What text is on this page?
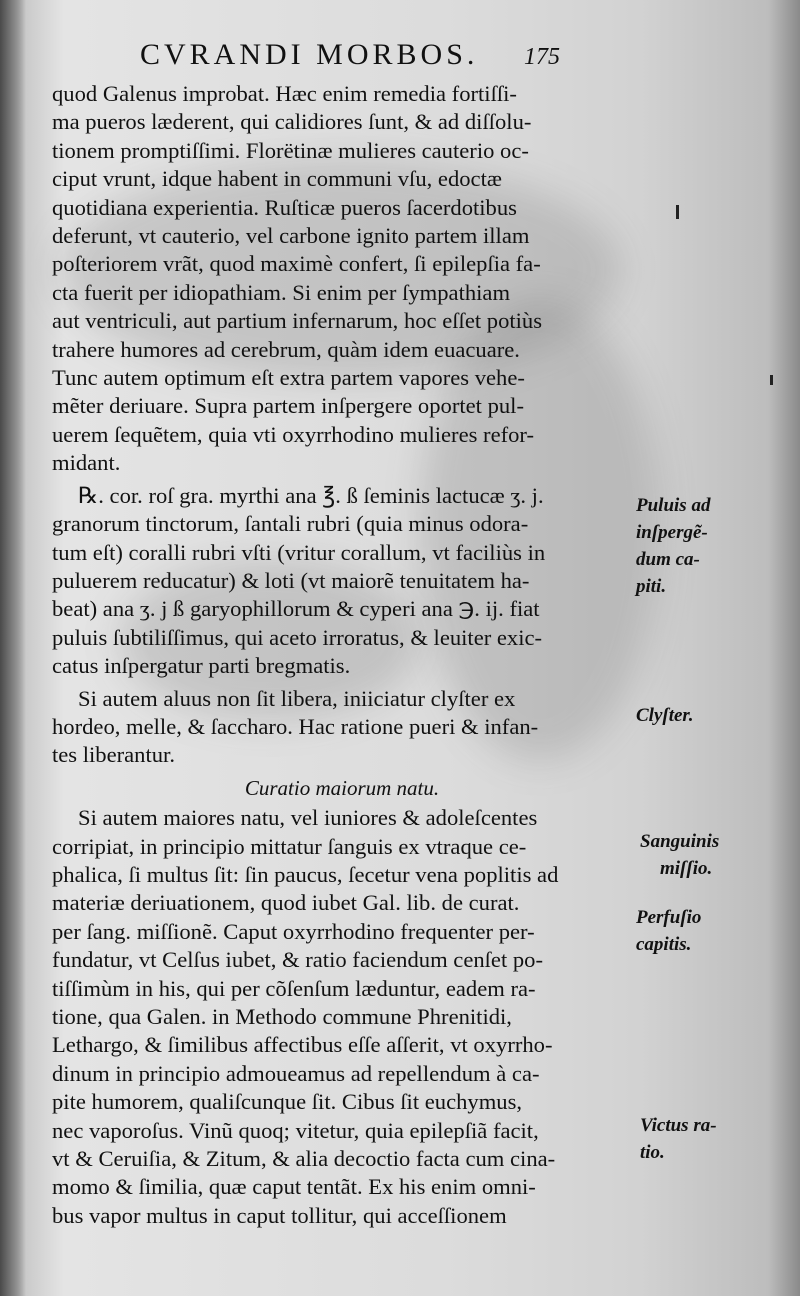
CVRANDI MORBOS. 175
quod Galenus improbat. Hæc enim remedia fortiſſi-
ma pueros læderent, qui calidiores ſunt, & ad diſſolu-
tionem promptiſſimi. Florëtinæ mulieres cauterio oc-
ciput vrunt, idque habent in communi vſu, edoctæ
quotidiana experientia. Ruſticæ pueros ſacerdotibus
deferunt, vt cauterio, vel carbone ignito partem illam
poſteriorem vrãt, quod maximè confert, ſi epilepſia fa-
cta fuerit per idiopathiam. Si enim per ſympathiam
aut ventriculi, aut partium infernarum, hoc eſſet potiùs
trahere humores ad cerebrum, quàm idem euacuare.
Tunc autem optimum eſt extra partem vapores vehe-
mẽter deriuare. Supra partem inſpergere oportet pul-
uerem ſequẽtem, quia vti oxyrrhodino mulieres refor-
midant.
℞. cor. roſ gra. myrthi ana ℥. ß ſeminis lactucæ ʒ. j.
granorum tinctorum, ſantali rubri (quia minus odora-
tum eſt) coralli rubri vſti (vritur corallum, vt faciliùs in
puluerem reducatur) & loti (vt maiorẽ tenuitatem ha-
beat) ana ʒ. j ß garyophillorum & cyperi ana ℈. ij. fiat
puluis ſubtiliſſimus, qui aceto irroratus, & leuiter exic-
catus inſpergatur parti bregmatis.
Si autem aluus non ſit libera, iniiciatur clyſter ex
hordeo, melle, & ſaccharo. Hac ratione pueri & infan-
tes liberantur.
Curatio maiorum natu.
Si autem maiores natu, vel iuniores & adoleſcentes
corripiat, in principio mittatur ſanguis ex vtraque ce-
phalica, ſi multus ſit: ſin paucus, ſecetur vena poplitis ad
materiæ deriuationem, quod iubet Gal. lib. de curat.
per ſang. miſſionẽ. Caput oxyrrhodino frequenter per-
fundatur, vt Celſus iubet, & ratio faciendum cenſet po-
tiſſimùm in his, qui per cõſenſum læduntur, eadem ra-
tione, qua Galen. in Methodo commune Phrenitidi,
Lethargo, & ſimilibus affectibus eſſe aſſerit, vt oxyrrho-
dinum in principio admoueamus ad repellendum à ca-
pite humorem, qualiſcunque ſit. Cibus ſit euchymus,
nec vaporoſus. Vinũ quoq; vitetur, quia epilepſiã facit,
vt & Ceruiſia, & Zitum, & alia decoctio facta cum cina-
momo & ſimilia, quæ caput tentãt. Ex his enim omni-
bus vapor multus in caput tollitur, qui acceſſionem
Puluis ad
inſpergẽ-
dum ca-
piti.
Clyſter.
Sanguinis
miſſio.
Perfuſio
capitis.
Victus ra-
tio.
